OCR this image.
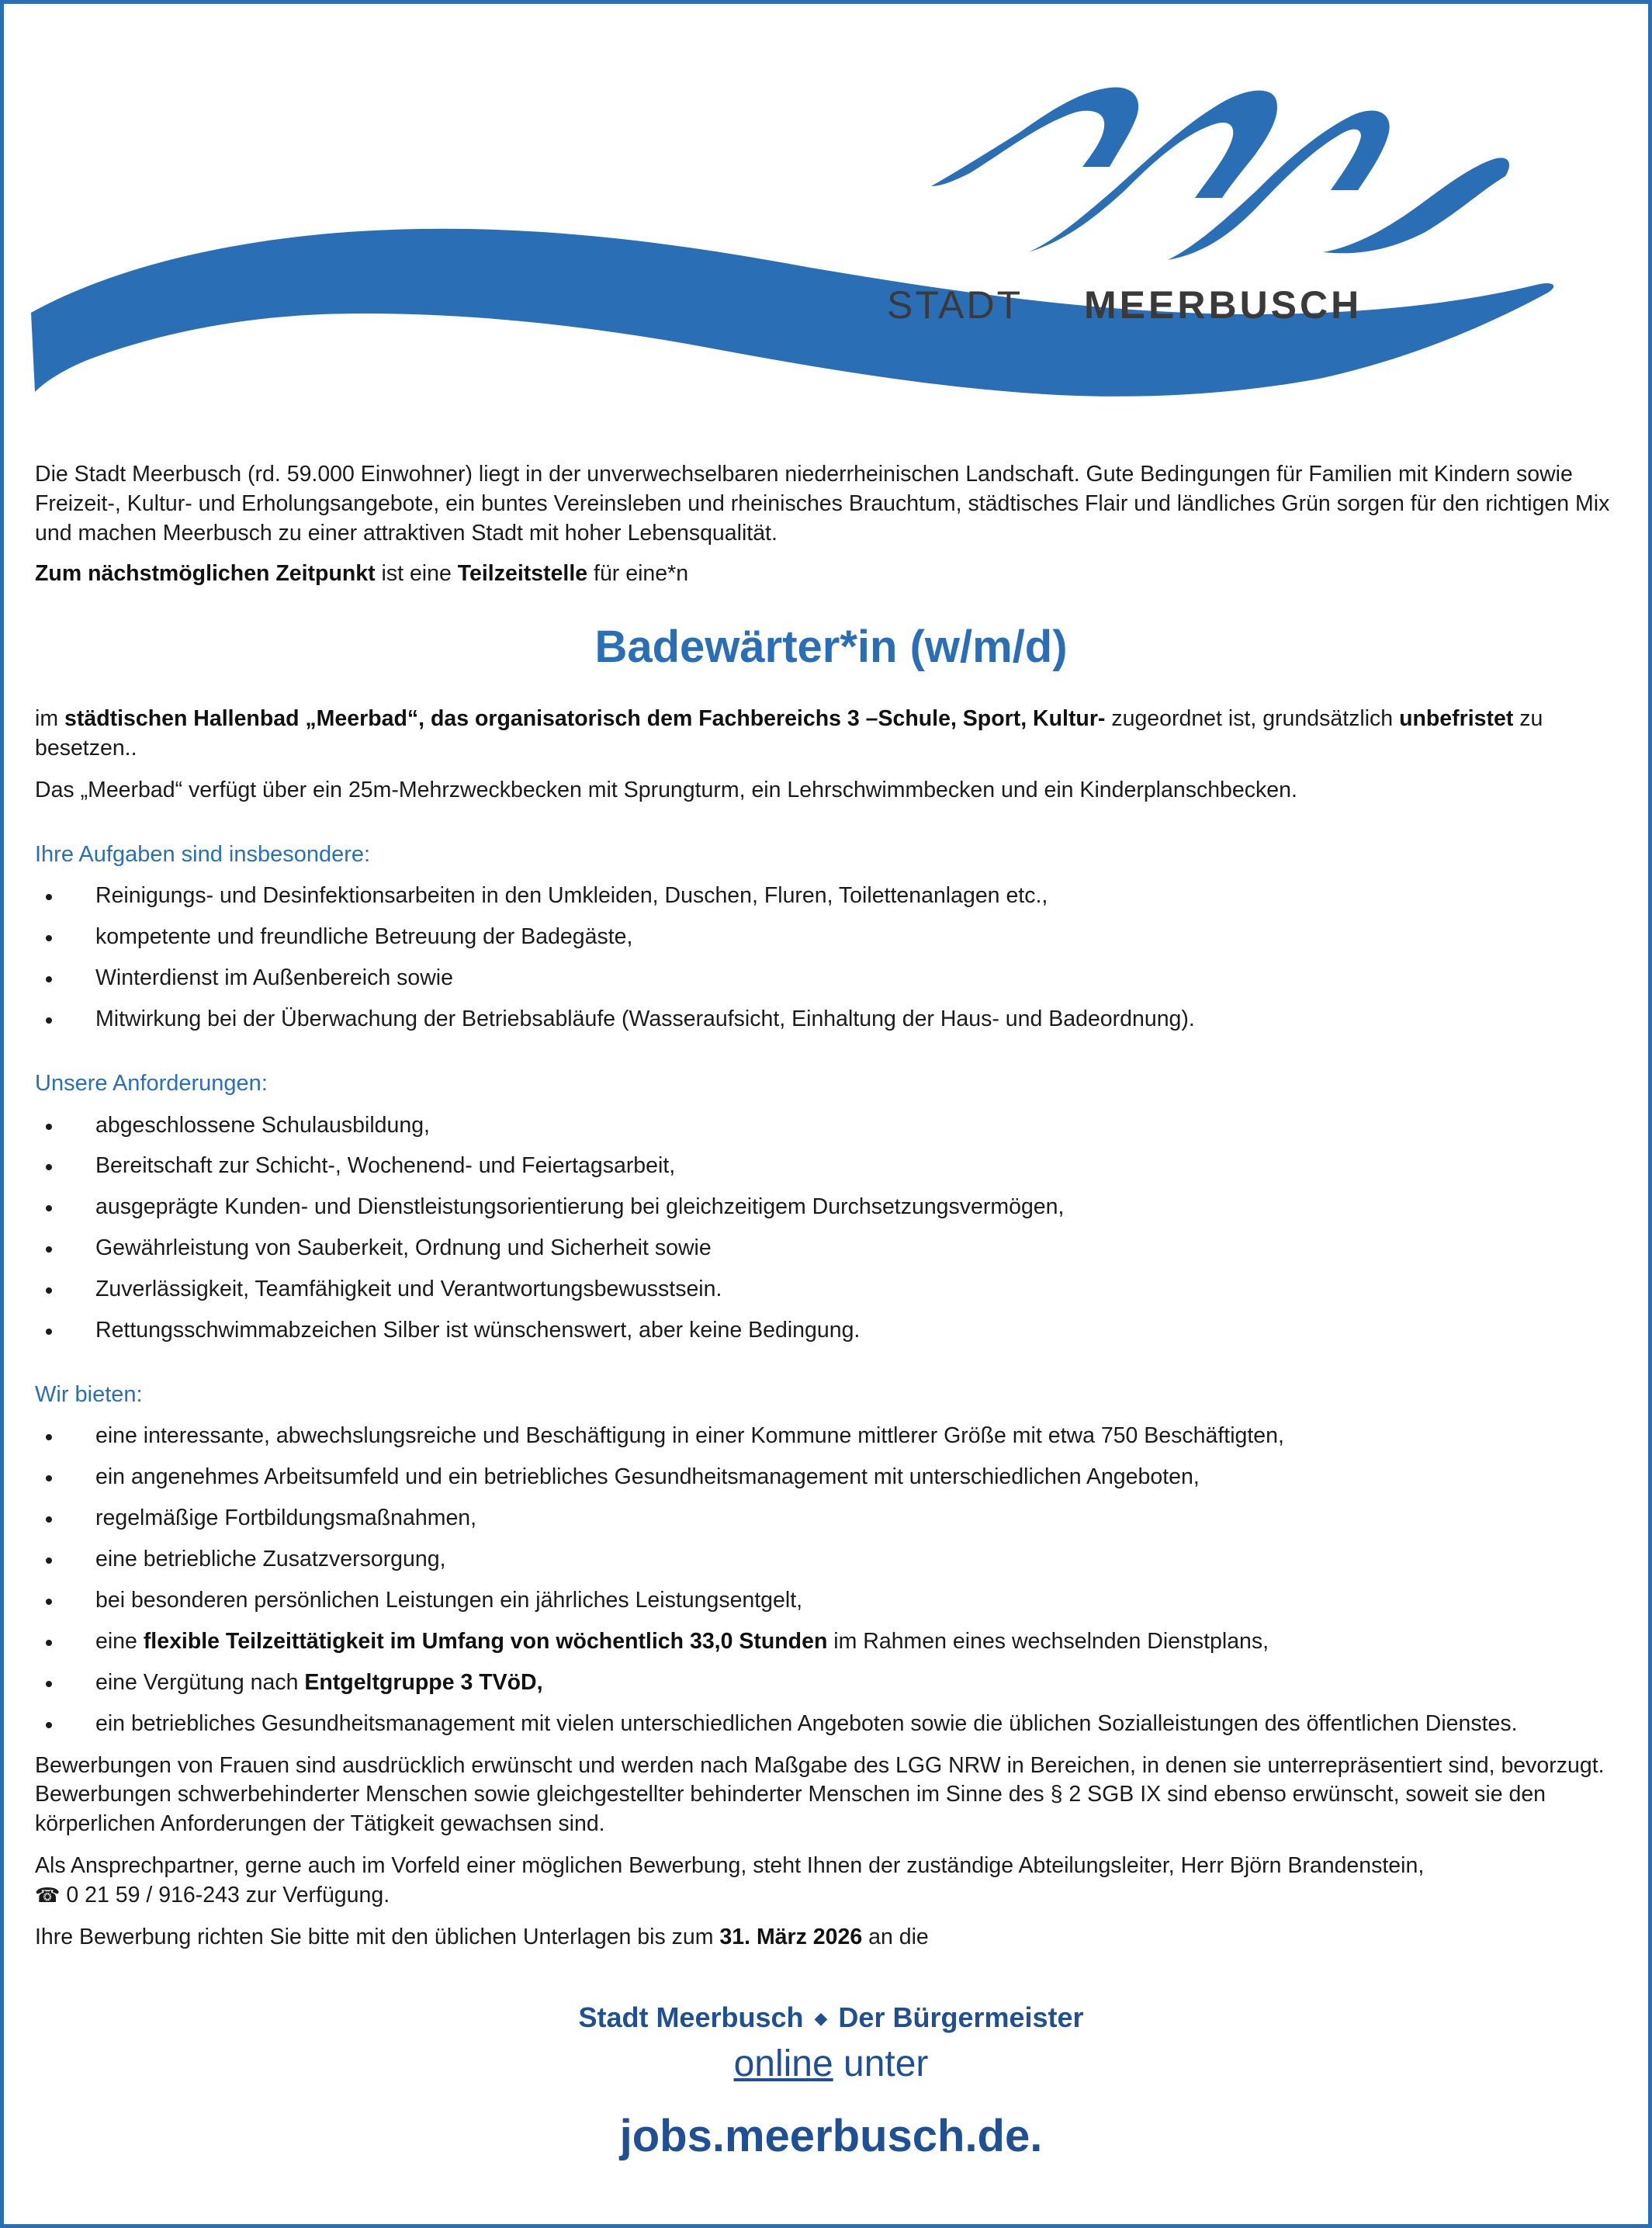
STADT MEERBUSCH

Die Stadt Meerbusch (rd. 59.000 Einwohner) liegt in der unverwechselbaren niederrheinischen Landschaft. Gute Bedingungen für Familien mit Kindern sowie Freizeit-, Kultur- und Erholungsangebote, ein buntes Vereinsleben und rheinisches Brauchtum, städtisches Flair und ländliches Grün sorgen für den richtigen Mix und machen Meerbusch zu einer attraktiven Stadt mit hoher Lebensqualität.

Zum nächstmöglichen Zeitpunkt ist eine Teilzeitstelle für eine*n

Badewärter*in (w/m/d)

im städtischen Hallenbad „Meerbad“, das organisatorisch dem Fachbereichs 3 –Schule, Sport, Kultur- zugeordnet ist, grundsätzlich unbefristet zu besetzen..

Das „Meerbad“ verfügt über ein 25m-Mehrzweckbecken mit Sprungturm, ein Lehrschwimmbecken und ein Kinderplanschbecken.

Ihre Aufgaben sind insbesondere:
Reinigungs- und Desinfektionsarbeiten in den Umkleiden, Duschen, Fluren, Toilettenanlagen etc.,
kompetente und freundliche Betreuung der Badegäste,
Winterdienst im Außenbereich sowie
Mitwirkung bei der Überwachung der Betriebsabläufe (Wasseraufsicht, Einhaltung der Haus- und Badeordnung).
Unsere Anforderungen:
abgeschlossene Schulausbildung,
Bereitschaft zur Schicht-, Wochenend- und Feiertagsarbeit,
ausgeprägte Kunden- und Dienstleistungsorientierung bei gleichzeitigem Durchsetzungsvermögen,
Gewährleistung von Sauberkeit, Ordnung und Sicherheit sowie
Zuverlässigkeit, Teamfähigkeit und Verantwortungsbewusstsein.
Rettungsschwimmabzeichen Silber ist wünschenswert, aber keine Bedingung.
Wir bieten:
eine interessante, abwechslungsreiche und Beschäftigung in einer Kommune mittlerer Größe mit etwa 750 Beschäftigten,
ein angenehmes Arbeitsumfeld und ein betriebliches Gesundheitsmanagement mit unterschiedlichen Angeboten,
regelmäßige Fortbildungsmaßnahmen,
eine betriebliche Zusatzversorgung,
bei besonderen persönlichen Leistungen ein jährliches Leistungsentgelt,
eine flexible Teilzeittätigkeit im Umfang von wöchentlich 33,0 Stunden im Rahmen eines wechselnden Dienstplans,
eine Vergütung nach Entgeltgruppe 3 TVöD,
ein betriebliches Gesundheitsmanagement mit vielen unterschiedlichen Angeboten sowie die üblichen Sozialleistungen des öffentlichen Dienstes.

Bewerbungen von Frauen sind ausdrücklich erwünscht und werden nach Maßgabe des LGG NRW in Bereichen, in denen sie unterrepräsentiert sind, bevorzugt. Bewerbungen schwerbehinderter Menschen sowie gleichgestellter behinderter Menschen im Sinne des § 2 SGB IX sind ebenso erwünscht, soweit sie den körperlichen Anforderungen der Tätigkeit gewachsen sind.

Als Ansprechpartner, gerne auch im Vorfeld einer möglichen Bewerbung, steht Ihnen der zuständige Abteilungsleiter, Herr Björn Brandenstein,
☎ 0 21 59 / 916-243 zur Verfügung.

Ihre Bewerbung richten Sie bitte mit den üblichen Unterlagen bis zum 31. März 2026 an die

Stadt Meerbusch ◆ Der Bürgermeister
online unter
jobs.meerbusch.de.
